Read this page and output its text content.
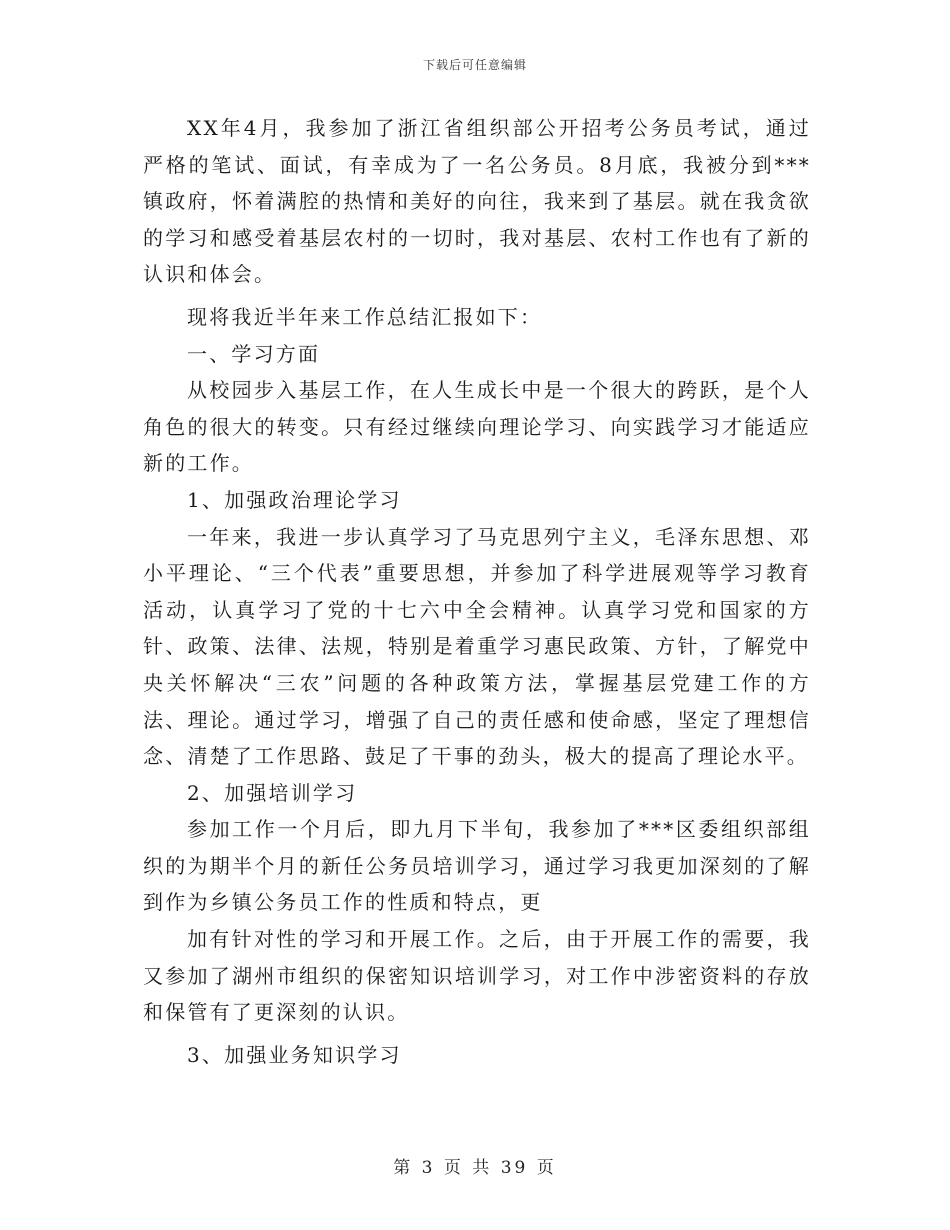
下载后可任意编辑

XX年4月，我参加了浙江省组织部公开招考公务员考试，通过严格的笔试、面试，有幸成为了一名公务员。8月底，我被分到***镇政府，怀着满腔的热情和美好的向往，我来到了基层。就在我贪欲的学习和感受着基层农村的一切时，我对基层、农村工作也有了新的认识和体会。

现将我近半年来工作总结汇报如下：

一、学习方面

从校园步入基层工作，在人生成长中是一个很大的跨跃，是个人角色的很大的转变。只有经过继续向理论学习、向实践学习才能适应新的工作。

1、加强政治理论学习

一年来，我进一步认真学习了马克思列宁主义，毛泽东思想、邓小平理论、“三个代表”重要思想，并参加了科学进展观等学习教育活动，认真学习了党的十七六中全会精神。认真学习党和国家的方针、政策、法律、法规，特别是着重学习惠民政策、方针，了解党中央关怀解决“三农”问题的各种政策方法，掌握基层党建工作的方法、理论。通过学习，增强了自己的责任感和使命感，坚定了理想信念、清楚了工作思路、鼓足了干事的劲头，极大的提高了理论水平。

2、加强培训学习

参加工作一个月后，即九月下半旬，我参加了***区委组织部组织的为期半个月的新任公务员培训学习，通过学习我更加深刻的了解到作为乡镇公务员工作的性质和特点，更

加有针对性的学习和开展工作。之后，由于开展工作的需要，我又参加了湖州市组织的保密知识培训学习，对工作中涉密资料的存放和保管有了更深刻的认识。

3、加强业务知识学习

第 3 页 共 39 页
